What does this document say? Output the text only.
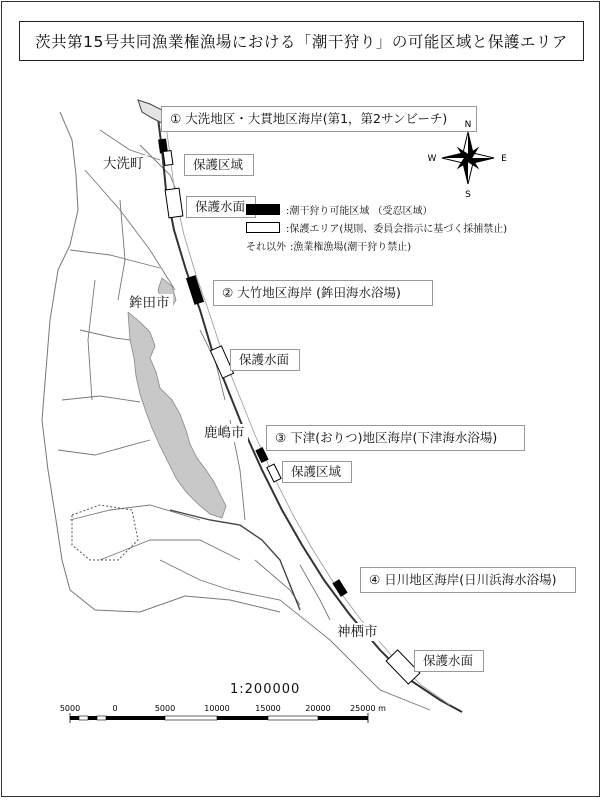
茨共第15号共同漁業権漁場における「潮干狩り」の可能区域と保護エリア
① 大洗地区・大貫地区海岸(第1，第2サンビーチ)
② 大竹地区海岸 (鉾田海水浴場)
③ 下津(おりつ)地区海岸(下津海水浴場)
④ 日川地区海岸(日川浜海水浴場)
保護区域
保護水面
保護水面
保護区域
保護水面
大洗町
鉾田市
鹿嶋市
神栖市
:潮干狩り可能区域 （受忍区域）
:保護エリア(規則、委員会指示に基づく採捕禁止)
それ以外 :漁業権漁場(潮干狩り禁止)
N
S
E
W
1:200000
5000	0	5000	10000	15000	20000 25000 m
